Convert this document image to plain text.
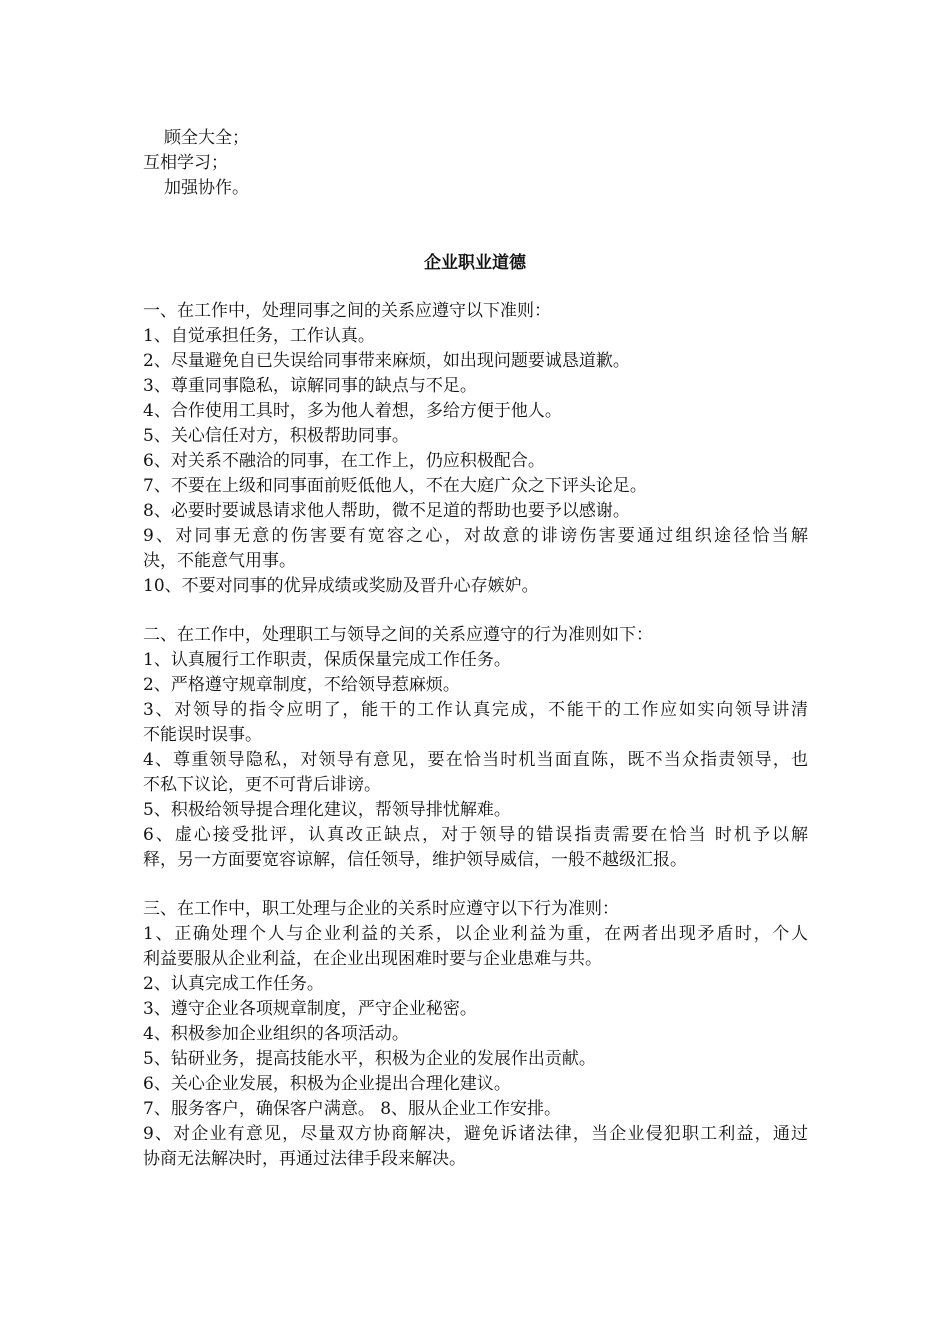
顾全大全；
互相学习；
加强协作。
企业职业道德
一、在工作中，处理同事之间的关系应遵守以下准则：
1、自觉承担任务，工作认真。
2、尽量避免自已失误给同事带来麻烦，如出现问题要诚恳道歉。
3、尊重同事隐私，谅解同事的缺点与不足。
4、合作使用工具时，多为他人着想，多给方便于他人。
5、关心信任对方，积极帮助同事。
6、对关系不融洽的同事，在工作上，仍应积极配合。
7、不要在上级和同事面前贬低他人，不在大庭广众之下评头论足。
8、必要时要诚恳请求他人帮助，微不足道的帮助也要予以感谢。
9、对同事无意的伤害要有宽容之心，对故意的诽谤伤害要通过组织途径恰当解
决，不能意气用事。
10、不要对同事的优异成绩或奖励及晋升心存嫉妒。
二、在工作中，处理职工与领导之间的关系应遵守的行为准则如下：
1、认真履行工作职责，保质保量完成工作任务。
2、严格遵守规章制度，不给领导惹麻烦。
3、对领导的指令应明了，能干的工作认真完成，不能干的工作应如实向领导讲清
不能误时误事。
4、尊重领导隐私，对领导有意见，要在恰当时机当面直陈，既不当众指责领导，也
不私下议论，更不可背后诽谤。
5、积极给领导提合理化建议，帮领导排忧解难。
6、虚心接受批评，认真改正缺点，对于领导的错误指责需要在恰当 时机予以解
释，另一方面要宽容谅解，信任领导，维护领导威信，一般不越级汇报。
三、在工作中，职工处理与企业的关系时应遵守以下行为准则：
1、正确处理个人与企业利益的关系，以企业利益为重，在两者出现矛盾时，个人
利益要服从企业利益，在企业出现困难时要与企业患难与共。
2、认真完成工作任务。
3、遵守企业各项规章制度，严守企业秘密。
4、积极参加企业组织的各项活动。
5、钻研业务，提高技能水平，积极为企业的发展作出贡献。
6、关心企业发展，积极为企业提出合理化建议。
7、服务客户，确保客户满意。 8、服从企业工作安排。
9、对企业有意见，尽量双方协商解决，避免诉诸法律，当企业侵犯职工利益，通过
协商无法解决时，再通过法律手段来解决。
